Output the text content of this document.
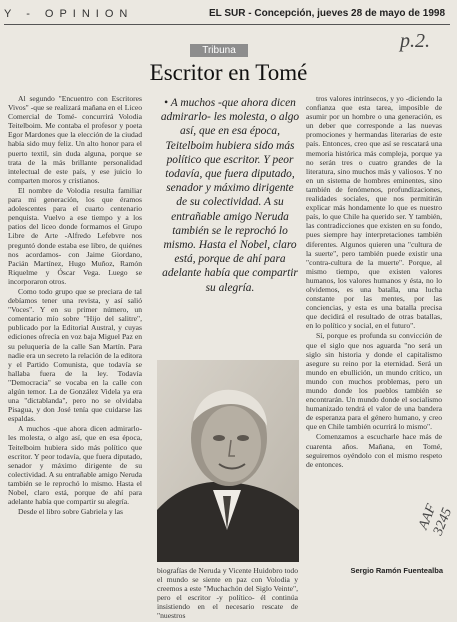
Y - OPINION	EL SUR - Concepción, jueves 28 de mayo de 1998
p.2.
Tribuna
Escritor en Tomé

Al segundo "Encuentro con Escritores Vivos" -que se realizará mañana en el Liceo Comercial de Tomé- concurrirá Volodia Teitelboim. Me contaba el profesor y poeta Egor Mardones que la elección de la ciudad había sido muy feliz. Un alto honor para el puerto textil, sin duda alguna, porque se trata de la más brillante personalidad intelectual de este país, y ese juicio lo comparten moros y cristianos.

El nombre de Volodia resulta familiar para mi generación, los que éramos adolescentes para el cuarto centenario penquista. Vuelvo a ese tiempo y a los patios del liceo donde formamos el Grupo Libre de Arte -Alfredo Lefebvre nos preguntó donde estaba ese libro, de quiénes nos acordamos- con Jaime Giordano, Pacián Martínez, Hugo Muñoz, Ramón Riquelme y Óscar Vega. Luego se incorporaron otros.

Como todo grupo que se preciara de tal debíamos tener una revista, y así salió "Voces". Y en su primer número, un comentario mío sobre "Hijo del salitre", publicado por la Editorial Austral, y cuyas ediciones ofrecía en voz baja Miguel Paz en su peluquería de la calle San Martín. Para nadie era un secreto la relación de la editora y el Partido Comunista, que todavía se hallaba fuera de la ley. Todavía "Democracia" se vocaba en la calle con algún temor. La de González Videla ya era una "dictablanda", pero no se olvidaba Pisagua, y don José tenía que cuidarse las espaldas.

A muchos -que ahora dicen admirarlo- les molesta, o algo así, que en esa época, Teitelboim hubiera sido más político que escritor. Y peor todavía, que fuera diputado, senador y máximo dirigente de su colectividad. A su entrañable amigo Neruda también se le reprochó lo mismo. Hasta el Nobel, claro está, porque de ahí para adelante había que compartir su alegría.

Desde el libro sobre Gabriela y las

• A muchos -que ahora dicen admirarlo- les molesta, o algo así, que en esa época, Teitelboim hubiera sido más político que escritor. Y peor todavía, que fuera diputado, senador y máximo dirigente de su colectividad. A su entrañable amigo Neruda también se le reprochó lo mismo. Hasta el Nobel, claro está, porque de ahí para adelante había que compartir su alegría.

biografías de Neruda y Vicente Huidobro todo el mundo se siente en paz con Volodia y creemos a este "Muchachón del Siglo Veinte", pero el escritor -y político- él continúa insistiendo en el necesario rescate de "nuestros

tros valores intrínsecos, y yo -diciendo la confianza que esta tarea, imposible de asumir por un hombre o una generación, es un deber que corresponde a las nuevas promociones y hermandas literarias de este país. Entonces, creo que así se rescatará una memoria histórica más compleja, porque ya no serán tres o cuatro grandes de la literatura, sino muchos más y valiosos. Y no en un sistema de hombres eminentes, sino también de fenómenos, profundizaciones, realidades sociales, que nos permitirán explicar más hondamente lo que es nuestro país, lo que Chile ha querido ser. Y también, las contradicciones que existen en su fondo, pues siempre hay interpretaciones también diferentes. Algunos quieren una "cultura de la suerte", pero también puede existir una "contra-cultura de la muerte". Porque, al mismo tiempo, que existen valores humanos, los valores humanos y ésta, no lo olvidemos, es una batalla, una lucha constante por las mentes, por las conciencias, y esta es una batalla precisa que decidirá el resultado de otras batallas, en lo político y social, en el futuro".

Sí, porque es profunda su convicción de que el siglo que nos aguarda "no será un siglo sin historia y donde el capitalismo asegure su reino por la eternidad. Será un mundo en ebullición, un mundo crítico, un mundo con muchos problemas, pero un mundo donde los pueblos también se encontrarán. Un mundo donde el socialismo humanizado tendrá el valor de una bandera de esperanza para el género humano, y creo que en Chile también ocurrirá lo mismo".

Comenzamos a escucharle hace más de cuarenta años. Mañana, en Tomé, seguiremos oyéndolo con el mismo respeto de entonces.

Sergio Ramón Fuentealba
AAF 3245
